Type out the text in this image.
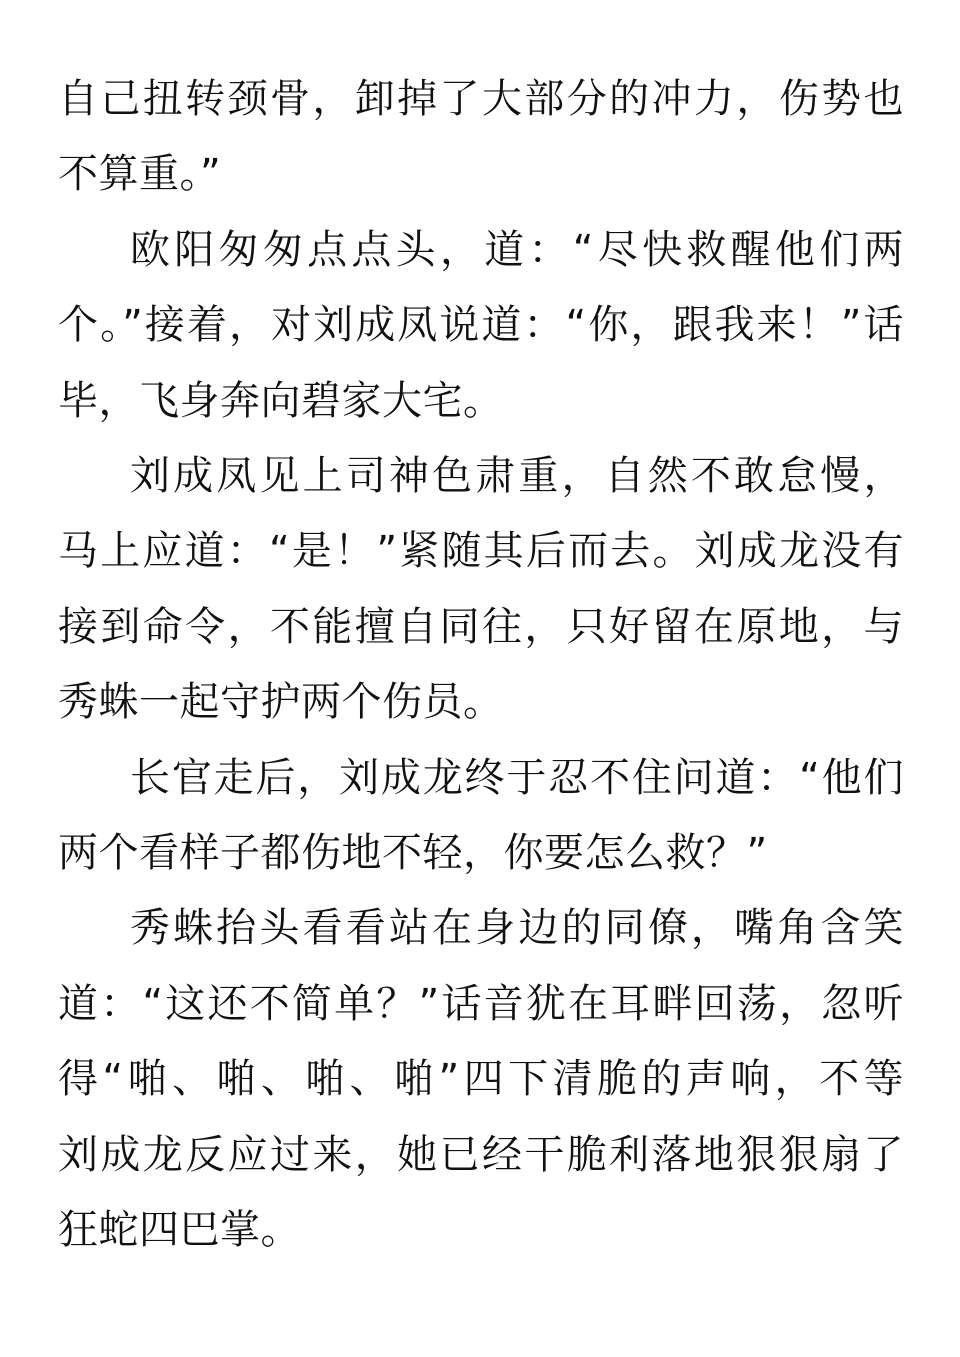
自己扭转颈骨，卸掉了大部分的冲力，伤势也
不算重。”
欧阳匆匆点点头，道：“尽快救醒他们两
个。”接着，对刘成凤说道：“你，跟我来！”话
毕，飞身奔向碧家大宅。
刘成凤见上司神色肃重，自然不敢怠慢，
马上应道：“是！”紧随其后而去。刘成龙没有
接到命令，不能擅自同往，只好留在原地，与
秀蛛一起守护两个伤员。
长官走后，刘成龙终于忍不住问道：“他们
两个看样子都伤地不轻，你要怎么救？”
秀蛛抬头看看站在身边的同僚，嘴角含笑
道：“这还不简单？”话音犹在耳畔回荡，忽听
得“啪、啪、啪、啪”四下清脆的声响，不等
刘成龙反应过来，她已经干脆利落地狠狠扇了
狂蛇四巴掌。
